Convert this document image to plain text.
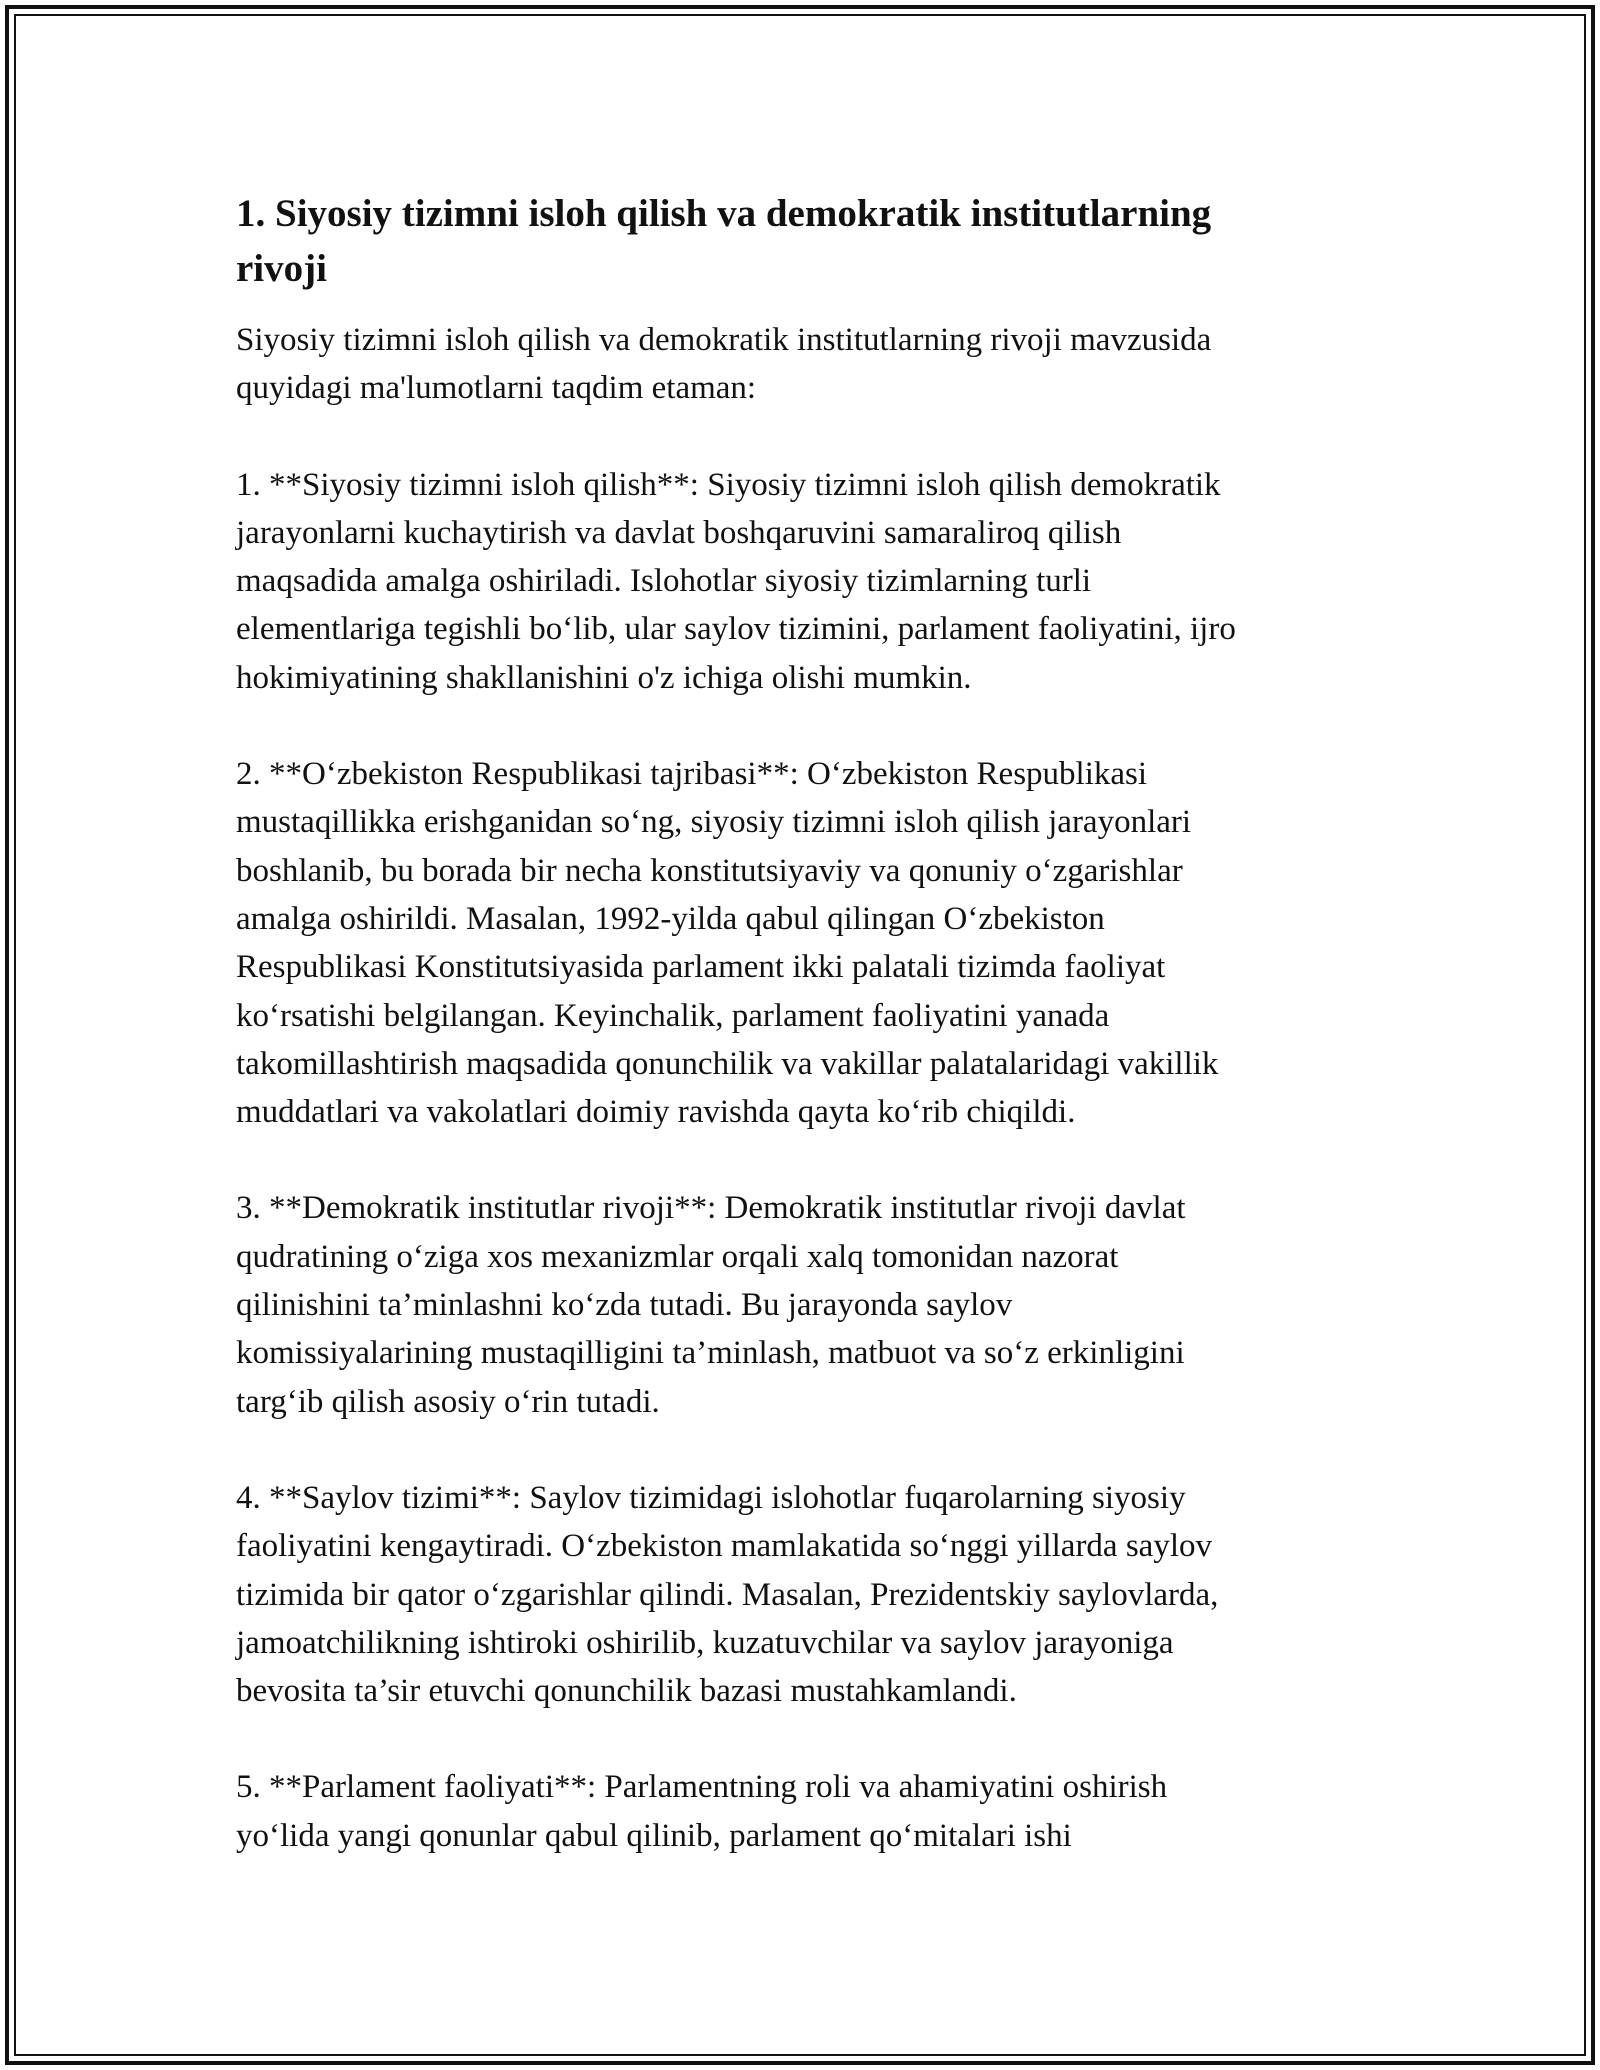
1. Siyosiy tizimni isloh qilish va demokratik institutlarning
rivoji

Siyosiy tizimni isloh qilish va demokratik institutlarning rivoji mavzusida
quyidagi ma'lumotlarni taqdim etaman:

1. **Siyosiy tizimni isloh qilish**: Siyosiy tizimni isloh qilish demokratik
jarayonlarni kuchaytirish va davlat boshqaruvini samaraliroq qilish
maqsadida amalga oshiriladi. Islohotlar siyosiy tizimlarning turli
elementlariga tegishli bo‘lib, ular saylov tizimini, parlament faoliyatini, ijro
hokimiyatining shakllanishini o'z ichiga olishi mumkin.

2. **O‘zbekiston Respublikasi tajribasi**: O‘zbekiston Respublikasi
mustaqillikka erishganidan so‘ng, siyosiy tizimni isloh qilish jarayonlari
boshlanib, bu borada bir necha konstitutsiyaviy va qonuniy o‘zgarishlar
amalga oshirildi. Masalan, 1992-yilda qabul qilingan O‘zbekiston
Respublikasi Konstitutsiyasida parlament ikki palatali tizimda faoliyat
ko‘rsatishi belgilangan. Keyinchalik, parlament faoliyatini yanada
takomillashtirish maqsadida qonunchilik va vakillar palatalaridagi vakillik
muddatlari va vakolatlari doimiy ravishda qayta ko‘rib chiqildi.

3. **Demokratik institutlar rivoji**: Demokratik institutlar rivoji davlat
qudratining o‘ziga xos mexanizmlar orqali xalq tomonidan nazorat
qilinishini ta’minlashni ko‘zda tutadi. Bu jarayonda saylov
komissiyalarining mustaqilligini ta’minlash, matbuot va so‘z erkinligini
targ‘ib qilish asosiy o‘rin tutadi.

4. **Saylov tizimi**: Saylov tizimidagi islohotlar fuqarolarning siyosiy
faoliyatini kengaytiradi. O‘zbekiston mamlakatida so‘nggi yillarda saylov
tizimida bir qator o‘zgarishlar qilindi. Masalan, Prezidentskiy saylovlarda,
jamoatchilikning ishtiroki oshirilib, kuzatuvchilar va saylov jarayoniga
bevosita ta’sir etuvchi qonunchilik bazasi mustahkamlandi.

5. **Parlament faoliyati**: Parlamentning roli va ahamiyatini oshirish
yo‘lida yangi qonunlar qabul qilinib, parlament qo‘mitalari ishi
